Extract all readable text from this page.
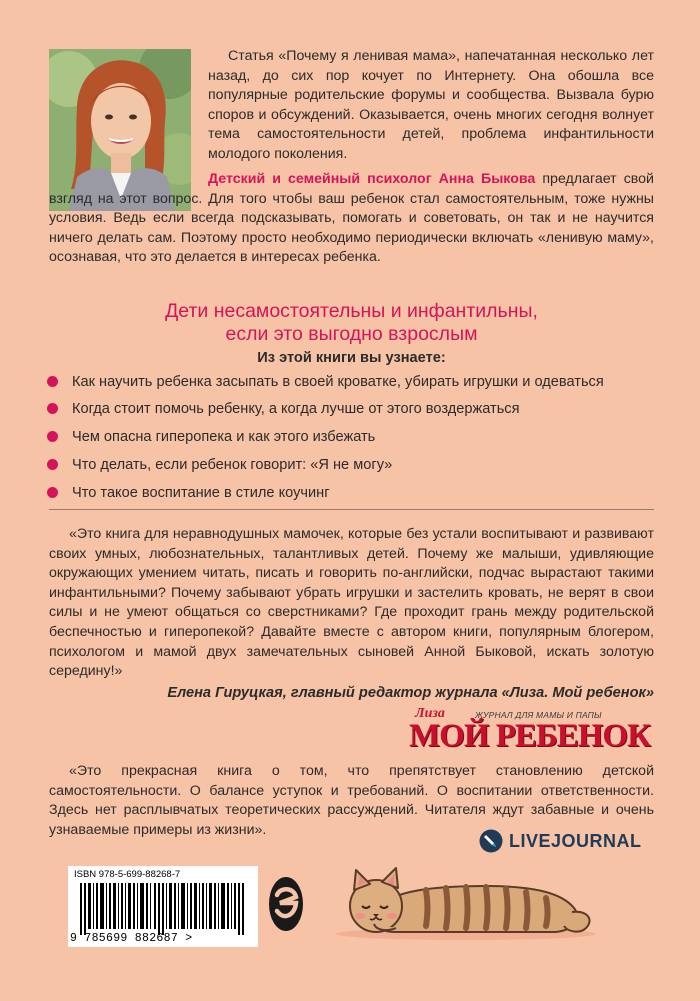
Статья «Почему я ленивая мама», напечатанная несколько лет назад, до сих пор кочует по Интернету. Она обошла все популярные родительские форумы и сообщества. Вызвала бурю споров и обсуждений. Оказывается, очень многих сегодня волнует тема самостоятельности детей, проблема инфантильности молодого поколения.
Детский и семейный психолог Анна Быкова предлагает свой взгляд на этот вопрос. Для того чтобы ваш ребенок стал самостоятельным, тоже нужны условия. Ведь если всегда подсказывать, помогать и советовать, он так и не научится ничего делать сам. Поэтому просто необходимо периодически включать «ленивую маму», осознавая, что это делается в интересах ребенка.
Дети несамостоятельны и инфантильны,
если это выгодно взрослым
Из этой книги вы узнаете:
Как научить ребенка засыпать в своей кроватке, убирать игрушки и одеваться
Когда стоит помочь ребенку, а когда лучше от этого воздержаться
Чем опасна гиперопека и как этого избежать
Что делать, если ребенок говорит: «Я не могу»
Что такое воспитание в стиле коучинг
«Это книга для неравнодушных мамочек, которые без устали воспитывают и развивают своих умных, любознательных, талантливых детей. Почему же малыши, удивляющие окружающих умением читать, писать и говорить по-английски, подчас вырастают такими инфантильными? Почему забывают убрать игрушки и застелить кровать, не верят в свои силы и не умеют общаться со сверстниками? Где проходит грань между родительской беспечностью и гиперопекой? Давайте вместе с автором книги, популярным блогером, психологом и мамой двух замечательных сыновей Анной Быковой, искать золотую середину!»
Елена Гируцкая, главный редактор журнала «Лиза. Мой ребенок»
Лиза	ЖУРНАЛ ДЛЯ МАМЫ И ПАПЫ
МОЙ РЕБЕНОК
«Это прекрасная книга о том, что препятствует становлению детской самостоятельности. О балансе уступок и требований. О воспитании ответственности. Здесь нет расплывчатых теоретических рассуждений. Читателя ждут забавные и очень узнаваемые примеры из жизни».
LIVEJOURNAL
ISBN 978-5-699-88268-7
9 785699 882687 >
